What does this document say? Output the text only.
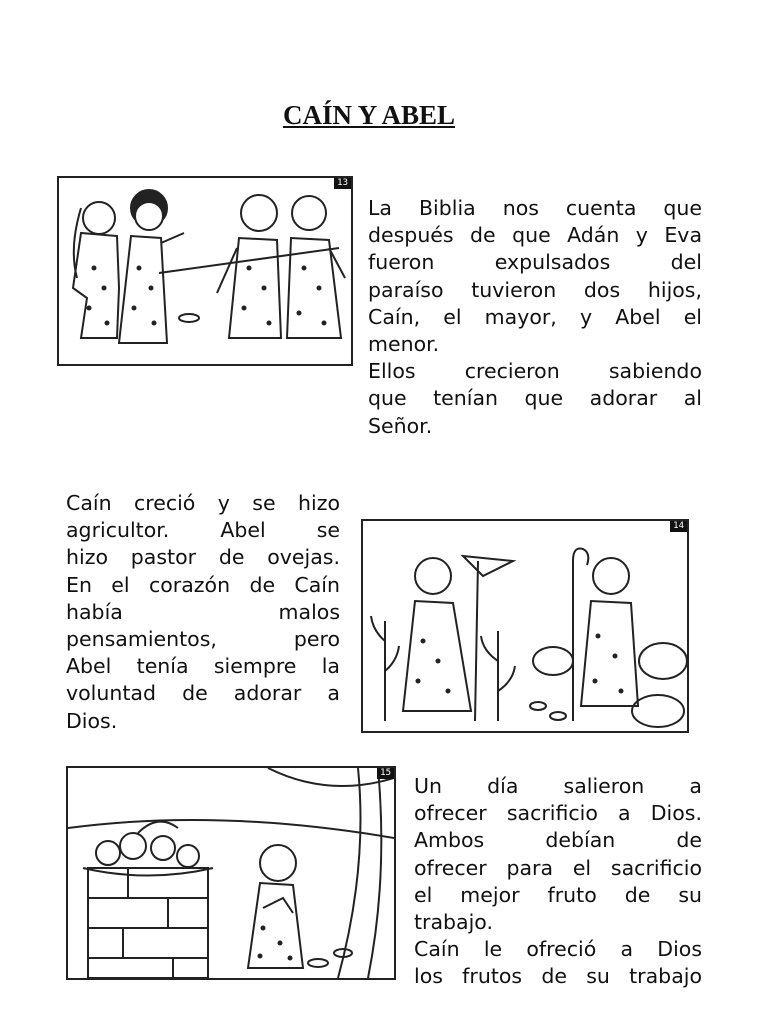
CAÍN Y ABEL
13

La Biblia nos cuenta que
después de que Adán y Eva
fueron expulsados del
paraíso tuvieron dos hijos,
Caín, el mayor, y Abel el
menor.
Ellos crecieron sabiendo
que tenían que adorar al
Señor.

Caín creció y se hizo
agricultor. Abel se
hizo pastor de ovejas.
En el corazón de Caín
había malos
pensamientos, pero
Abel tenía siempre la
voluntad de adorar a
Dios.

14
15

Un día salieron a
ofrecer sacrificio a Dios.
Ambos debían de
ofrecer para el sacrificio
el mejor fruto de su
trabajo.
Caín le ofreció a Dios
los frutos de su trabajo
